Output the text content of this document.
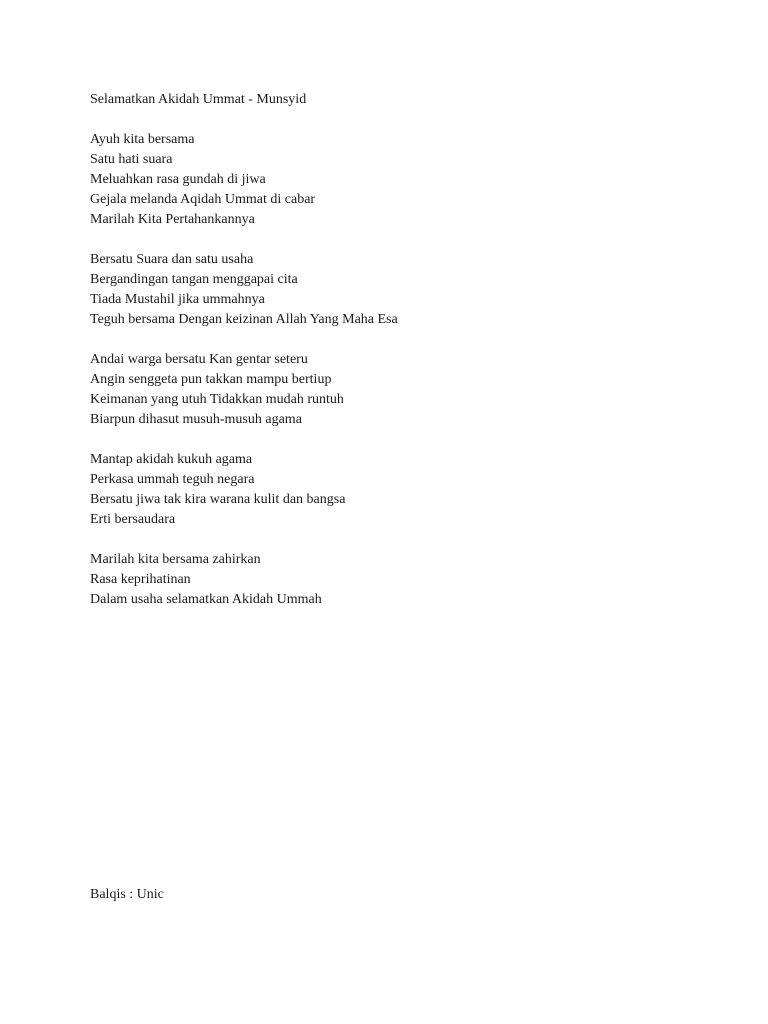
Selamatkan Akidah Ummat - Munsyid
Ayuh kita bersama
Satu hati suara
Meluahkan rasa gundah di jiwa
Gejala melanda Aqidah Ummat di cabar
Marilah Kita Pertahankannya
Bersatu Suara dan satu usaha
Bergandingan tangan menggapai cita
Tiada Mustahil jika ummahnya
Teguh bersama Dengan keizinan Allah Yang Maha Esa
Andai warga bersatu Kan gentar seteru
Angin senggeta pun takkan mampu bertiup
Keimanan yang utuh Tidakkan mudah runtuh
Biarpun dihasut musuh-musuh agama
Mantap akidah kukuh agama
Perkasa ummah teguh negara
Bersatu jiwa tak kira warana kulit dan bangsa
Erti bersaudara
Marilah kita bersama zahirkan
Rasa keprihatinan
Dalam usaha selamatkan Akidah Ummah
Balqis : Unic
